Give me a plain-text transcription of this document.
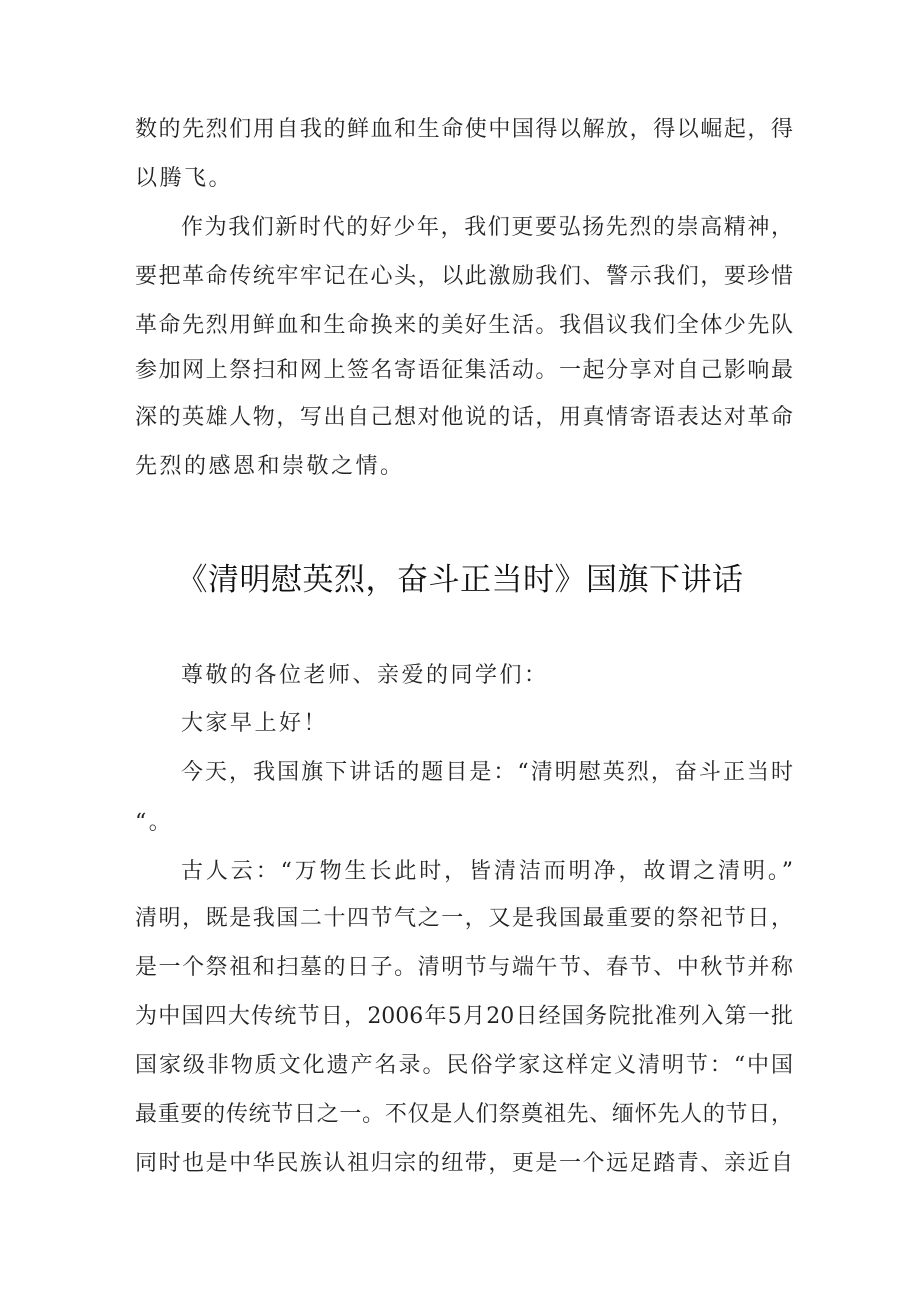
数的先烈们用自我的鲜血和生命使中国得以解放，得以崛起，得
以腾飞。
作为我们新时代的好少年，我们更要弘扬先烈的崇高精神，
要把革命传统牢牢记在心头，以此激励我们、警示我们，要珍惜
革命先烈用鲜血和生命换来的美好生活。我倡议我们全体少先队
参加网上祭扫和网上签名寄语征集活动。一起分享对自己影响最
深的英雄人物，写出自己想对他说的话，用真情寄语表达对革命
先烈的感恩和崇敬之情。
《清明慰英烈，奋斗正当时》国旗下讲话
尊敬的各位老师、亲爱的同学们：
大家早上好！
今天，我国旗下讲话的题目是：“清明慰英烈，奋斗正当时
“。
古人云：“万物生长此时，皆清洁而明净，故谓之清明。”
清明，既是我国二十四节气之一，又是我国最重要的祭祀节日，
是一个祭祖和扫墓的日子。清明节与端午节、春节、中秋节并称
为中国四大传统节日，2006年5月20日经国务院批准列入第一批
国家级非物质文化遗产名录。民俗学家这样定义清明节：“中国
最重要的传统节日之一。不仅是人们祭奠祖先、缅怀先人的节日，
同时也是中华民族认祖归宗的纽带，更是一个远足踏青、亲近自
